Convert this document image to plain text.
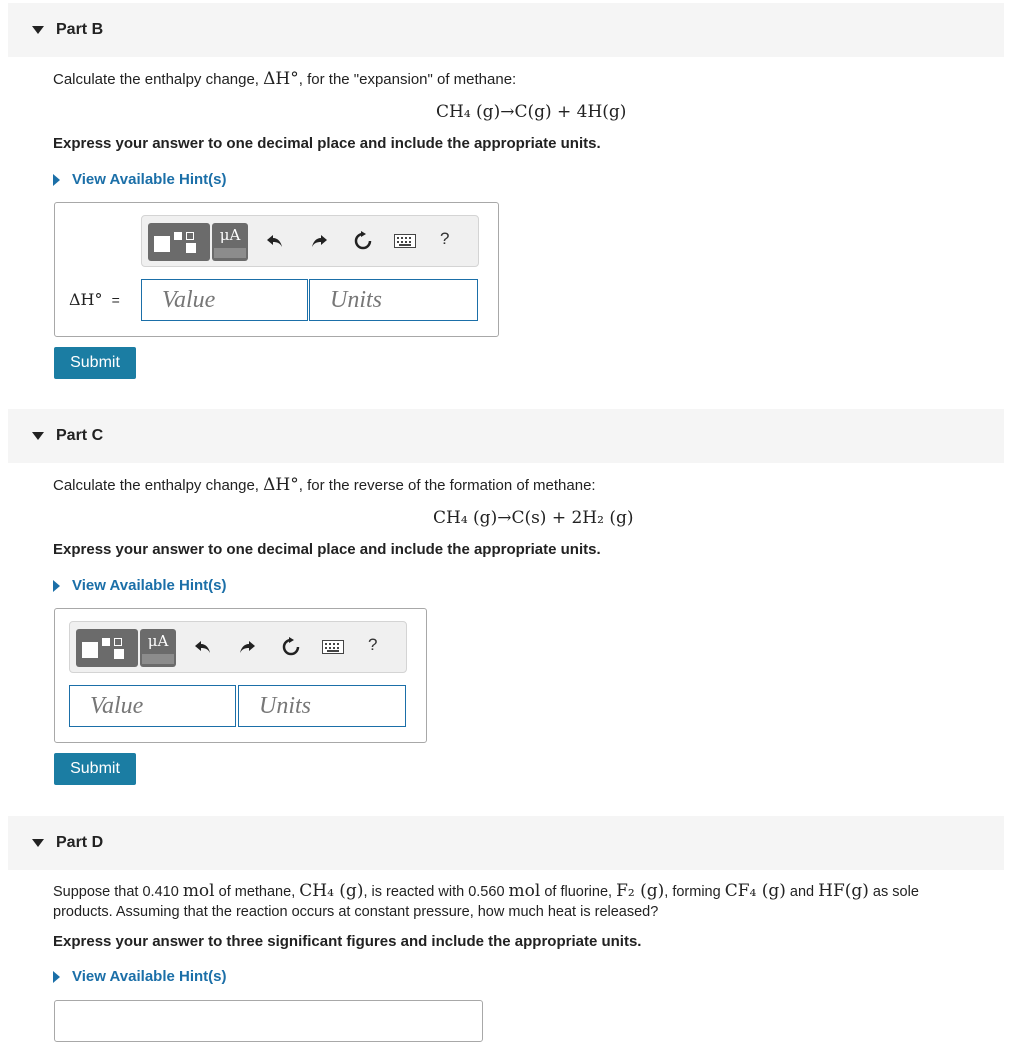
Part B
Calculate the enthalpy change, ΔH°, for the "expansion" of methane:
CH₄ (g)→C(g) + 4H(g)
Express your answer to one decimal place and include the appropriate units.
View Available Hint(s)
μA	?
ΔH° =	Value	Units
Submit
Part C
Calculate the enthalpy change, ΔH°, for the reverse of the formation of methane:
CH₄ (g)→C(s) + 2H₂ (g)
Express your answer to one decimal place and include the appropriate units.
View Available Hint(s)
μA	?
Value	Units
Submit
Part D
Suppose that 0.410 mol of methane, CH₄ (g), is reacted with 0.560 mol of fluorine, F₂ (g), forming CF₄ (g) and HF(g) as sole
products. Assuming that the reaction occurs at constant pressure, how much heat is released?
Express your answer to three significant figures and include the appropriate units.
View Available Hint(s)
